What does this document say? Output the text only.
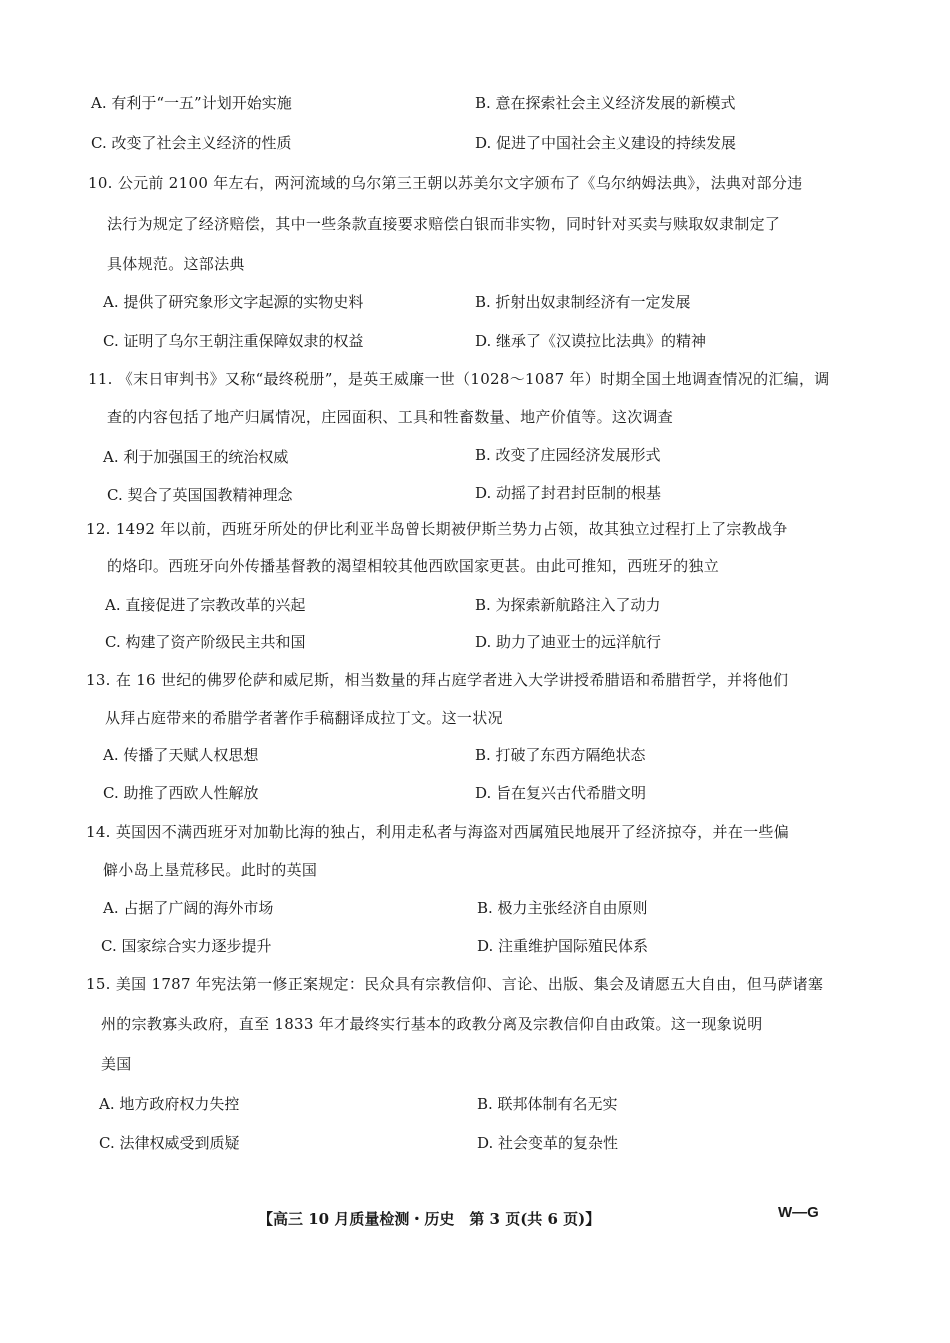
A. 有利于“一五”计划开始实施	B. 意在探索社会主义经济发展的新模式
C. 改变了社会主义经济的性质	D. 促进了中国社会主义建设的持续发展
10. 公元前 2100 年左右，两河流域的乌尔第三王朝以苏美尔文字颁布了《乌尔纳姆法典》，法典对部分违
法行为规定了经济赔偿，其中一些条款直接要求赔偿白银而非实物，同时针对买卖与赎取奴隶制定了
具体规范。这部法典
A. 提供了研究象形文字起源的实物史料	B. 折射出奴隶制经济有一定发展
C. 证明了乌尔王朝注重保障奴隶的权益	D. 继承了《汉谟拉比法典》的精神
11. 《末日审判书》又称“最终税册”，是英王威廉一世（1028～1087 年）时期全国土地调查情况的汇编，调
查的内容包括了地产归属情况，庄园面积、工具和牲畜数量、地产价值等。这次调查
A. 利于加强国王的统治权威	B. 改变了庄园经济发展形式
C. 契合了英国国教精神理念	D. 动摇了封君封臣制的根基
12. 1492 年以前，西班牙所处的伊比利亚半岛曾长期被伊斯兰势力占领，故其独立过程打上了宗教战争
的烙印。西班牙向外传播基督教的渴望相较其他西欧国家更甚。由此可推知，西班牙的独立
A. 直接促进了宗教改革的兴起	B. 为探索新航路注入了动力
C. 构建了资产阶级民主共和国	D. 助力了迪亚士的远洋航行
13. 在 16 世纪的佛罗伦萨和威尼斯，相当数量的拜占庭学者进入大学讲授希腊语和希腊哲学，并将他们
从拜占庭带来的希腊学者著作手稿翻译成拉丁文。这一状况
A. 传播了天赋人权思想	B. 打破了东西方隔绝状态
C. 助推了西欧人性解放	D. 旨在复兴古代希腊文明
14. 英国因不满西班牙对加勒比海的独占，利用走私者与海盗对西属殖民地展开了经济掠夺，并在一些偏
僻小岛上垦荒移民。此时的英国
A. 占据了广阔的海外市场	B. 极力主张经济自由原则
C. 国家综合实力逐步提升	D. 注重维护国际殖民体系
15. 美国 1787 年宪法第一修正案规定：民众具有宗教信仰、言论、出版、集会及请愿五大自由，但马萨诸塞
州的宗教寡头政府，直至 1833 年才最终实行基本的政教分离及宗教信仰自由政策。这一现象说明
美国
A. 地方政府权力失控	B. 联邦体制有名无实
C. 法律权威受到质疑	D. 社会变革的复杂性
【高三 10 月质量检测・历史　第 3 页(共 6 页)】	W—G
